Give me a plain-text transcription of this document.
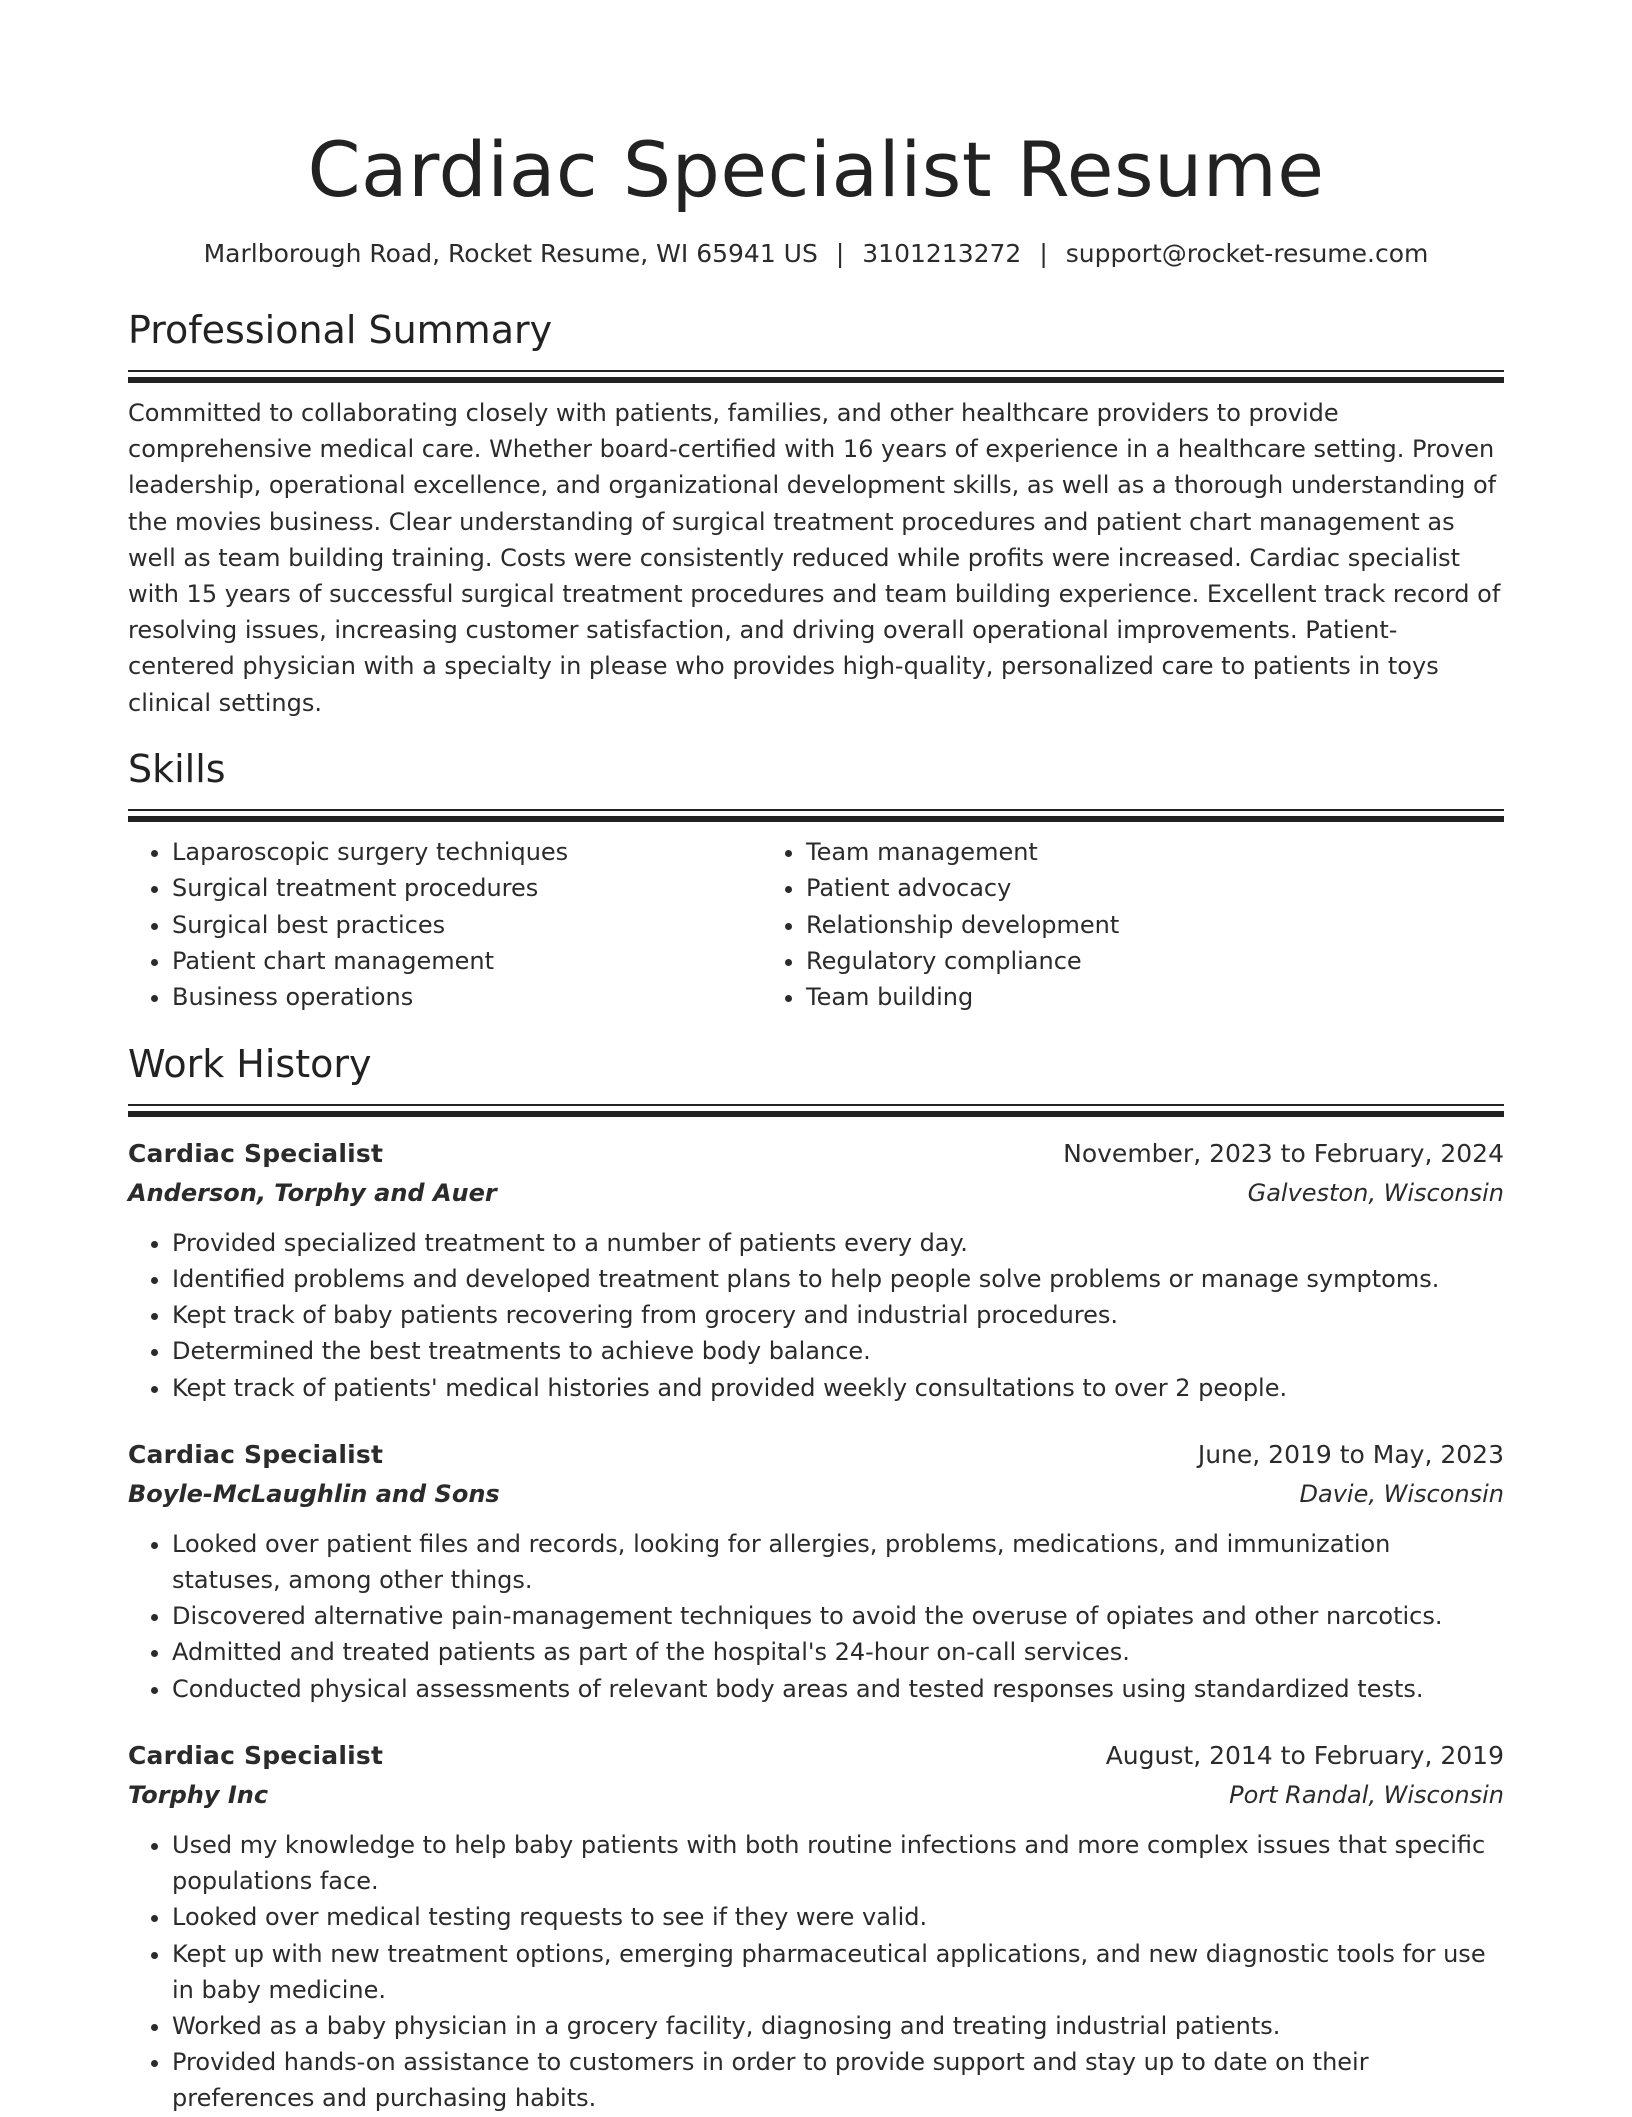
Cardiac Specialist Resume
Marlborough Road, Rocket Resume, WI 65941 US | 3101213272 | support@rocket-resume.com
Professional Summary

Committed to collaborating closely with patients, families, and other healthcare providers to provide comprehensive medical care. Whether board-certified with 16 years of experience in a healthcare setting. Proven leadership, operational excellence, and organizational development skills, as well as a thorough understanding of the movies business. Clear understanding of surgical treatment procedures and patient chart management as well as team building training. Costs were consistently reduced while profits were increased. Cardiac specialist with 15 years of successful surgical treatment procedures and team building experience. Excellent track record of resolving issues, increasing customer satisfaction, and driving overall operational improvements. Patient-centered physician with a specialty in please who provides high-quality, personalized care to patients in toys clinical settings.

Skills
• Laparoscopic surgery techniques
• Surgical treatment procedures
• Surgical best practices
• Patient chart management
• Business operations
• Team management
• Patient advocacy
• Relationship development
• Regulatory compliance
• Team building
Work History
Cardiac Specialist	November, 2023 to February, 2024
Anderson, Torphy and Auer	Galveston, Wisconsin
• Provided specialized treatment to a number of patients every day.
• Identified problems and developed treatment plans to help people solve problems or manage symptoms.
• Kept track of baby patients recovering from grocery and industrial procedures.
• Determined the best treatments to achieve body balance.
• Kept track of patients' medical histories and provided weekly consultations to over 2 people.
Cardiac Specialist	June, 2019 to May, 2023
Boyle-McLaughlin and Sons	Davie, Wisconsin
• Looked over patient files and records, looking for allergies, problems, medications, and immunization statuses, among other things.
• Discovered alternative pain-management techniques to avoid the overuse of opiates and other narcotics.
• Admitted and treated patients as part of the hospital's 24-hour on-call services.
• Conducted physical assessments of relevant body areas and tested responses using standardized tests.
Cardiac Specialist	August, 2014 to February, 2019
Torphy Inc	Port Randal, Wisconsin
• Used my knowledge to help baby patients with both routine infections and more complex issues that specific populations face.
• Looked over medical testing requests to see if they were valid.
• Kept up with new treatment options, emerging pharmaceutical applications, and new diagnostic tools for use in baby medicine.
• Worked as a baby physician in a grocery facility, diagnosing and treating industrial patients.
• Provided hands-on assistance to customers in order to provide support and stay up to date on their preferences and purchasing habits.
